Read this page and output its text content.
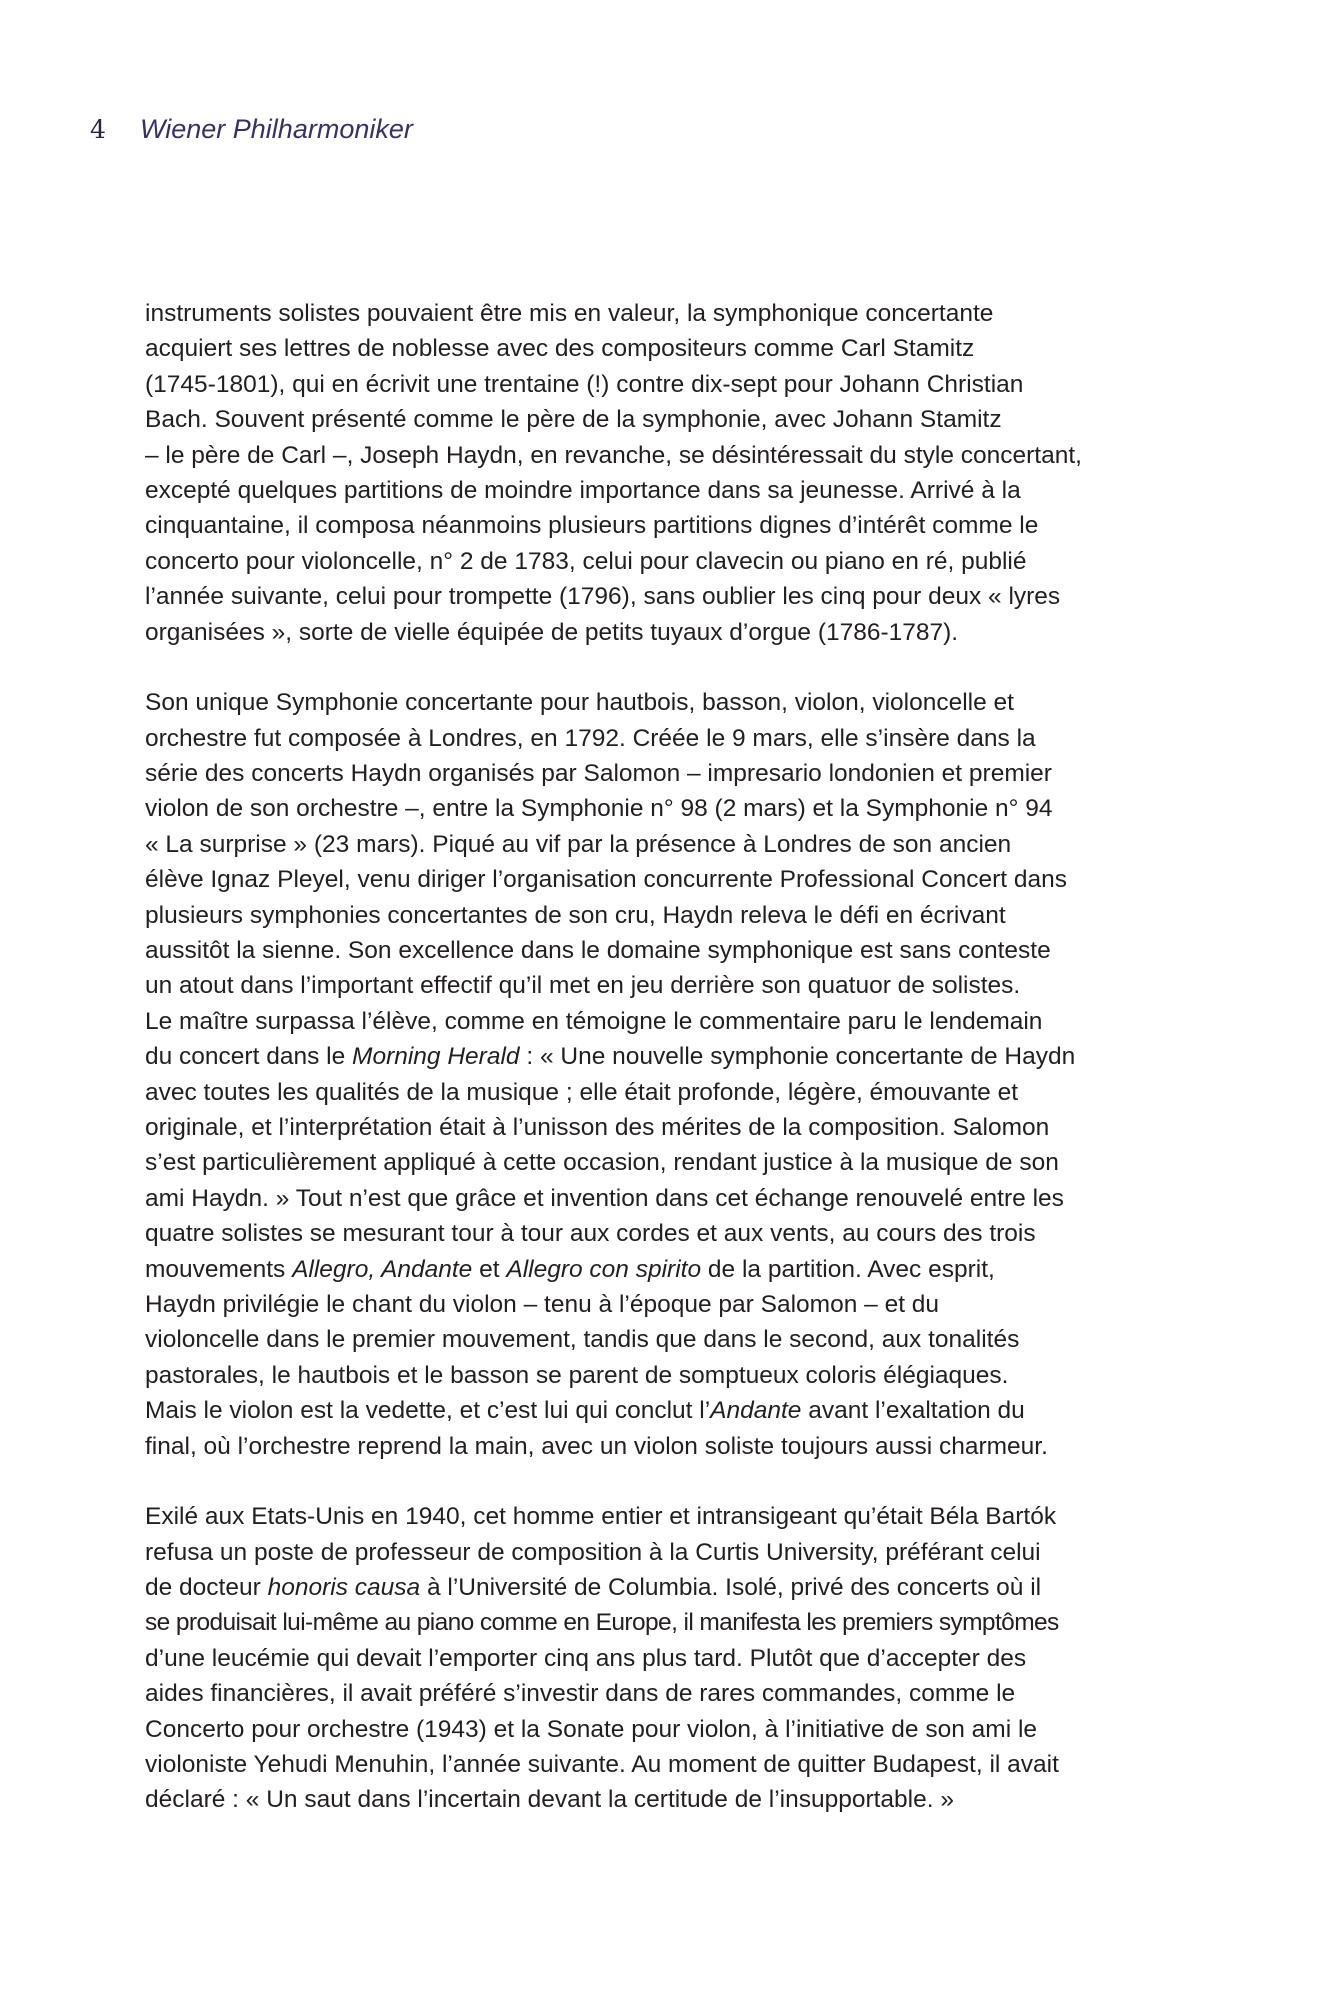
4	Wiener Philharmoniker
instruments solistes pouvaient être mis en valeur, la symphonique concertante
acquiert ses lettres de noblesse avec des compositeurs comme Carl Stamitz
(1745-1801), qui en écrivit une trentaine (!) contre dix-sept pour Johann Christian
Bach. Souvent présenté comme le père de la symphonie, avec Johann Stamitz
– le père de Carl –, Joseph Haydn, en revanche, se désintéressait du style concertant,
excepté quelques partitions de moindre importance dans sa jeunesse. Arrivé à la
cinquantaine, il composa néanmoins plusieurs partitions dignes d’intérêt comme le
concerto pour violoncelle, n° 2 de 1783, celui pour clavecin ou piano en ré, publié
l’année suivante, celui pour trompette (1796), sans oublier les cinq pour deux « lyres
organisées », sorte de vielle équipée de petits tuyaux d’orgue (1786-1787).
Son unique Symphonie concertante pour hautbois, basson, violon, violoncelle et
orchestre fut composée à Londres, en 1792. Créée le 9 mars, elle s’insère dans la
série des concerts Haydn organisés par Salomon – impresario londonien et premier
violon de son orchestre –, entre la Symphonie n° 98 (2 mars) et la Symphonie n° 94
« La surprise » (23 mars). Piqué au vif par la présence à Londres de son ancien
élève Ignaz Pleyel, venu diriger l’organisation concurrente Professional Concert dans
plusieurs symphonies concertantes de son cru, Haydn releva le défi en écrivant
aussitôt la sienne. Son excellence dans le domaine symphonique est sans conteste
un atout dans l’important effectif qu’il met en jeu derrière son quatuor de solistes.
Le maître surpassa l’élève, comme en témoigne le commentaire paru le lendemain
du concert dans le Morning Herald : « Une nouvelle symphonie concertante de Haydn
avec toutes les qualités de la musique ; elle était profonde, légère, émouvante et
originale, et l’interprétation était à l’unisson des mérites de la composition. Salomon
s’est particulièrement appliqué à cette occasion, rendant justice à la musique de son
ami Haydn. » Tout n’est que grâce et invention dans cet échange renouvelé entre les
quatre solistes se mesurant tour à tour aux cordes et aux vents, au cours des trois
mouvements Allegro, Andante et Allegro con spirito de la partition. Avec esprit,
Haydn privilégie le chant du violon – tenu à l’époque par Salomon – et du
violoncelle dans le premier mouvement, tandis que dans le second, aux tonalités
pastorales, le hautbois et le basson se parent de somptueux coloris élégiaques.
Mais le violon est la vedette, et c’est lui qui conclut l’Andante avant l’exaltation du
final, où l’orchestre reprend la main, avec un violon soliste toujours aussi charmeur.
Exilé aux Etats-Unis en 1940, cet homme entier et intransigeant qu’était Béla Bartók
refusa un poste de professeur de composition à la Curtis University, préférant celui
de docteur honoris causa à l’Université de Columbia. Isolé, privé des concerts où il
se produisait lui-même au piano comme en Europe, il manifesta les premiers symptômes
d’une leucémie qui devait l’emporter cinq ans plus tard. Plutôt que d’accepter des
aides financières, il avait préféré s’investir dans de rares commandes, comme le
Concerto pour orchestre (1943) et la Sonate pour violon, à l’initiative de son ami le
violoniste Yehudi Menuhin, l’année suivante. Au moment de quitter Budapest, il avait
déclaré : « Un saut dans l’incertain devant la certitude de l’insupportable. »
